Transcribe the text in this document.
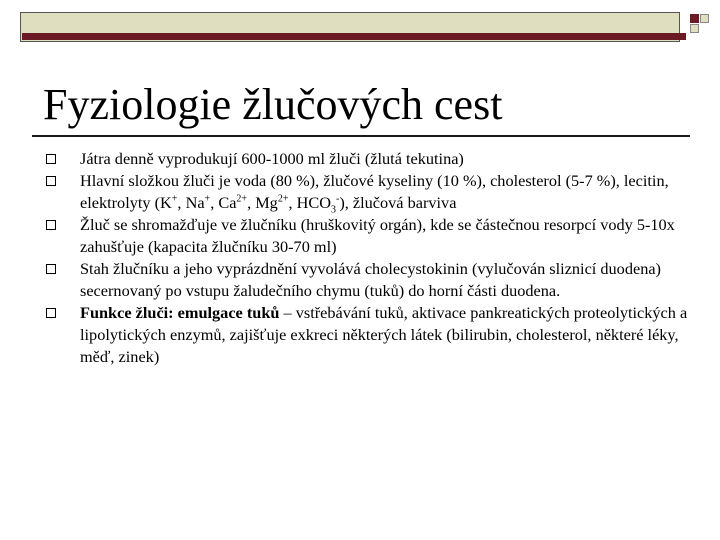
Fyziologie žlučových cest
Játra denně vyprodukují 600-1000 ml žluči (žlutá tekutina)
Hlavní složkou žluči je voda (80 %), žlučové kyseliny (10 %), cholesterol (5-7 %), lecitin, elektrolyty (K+, Na+, $Ca^{2+}$, $Mg^{2+}$, $HCO_3^-$), žlučová barviva
Žluč se shromažďuje ve žlučníku (hruškovitý orgán), kde se částečnou resorpcí vody 5-10x zahušťuje (kapacita žlučníku 30-70 ml)
Stah žlučníku a jeho vyprázdnění vyvolává cholecystokinin (vylučován sliznicí duodena) secernovaný po vstupu žaludečního chymu (tuků) do horní části duodena.
Funkce žluči: emulgace tuků – vstřebávání tuků, aktivace pankreatických proteolytických a lipolytických enzymů, zajišťuje exkreci některých látek (bilirubin, cholesterol, některé léky, měď, zinek)
